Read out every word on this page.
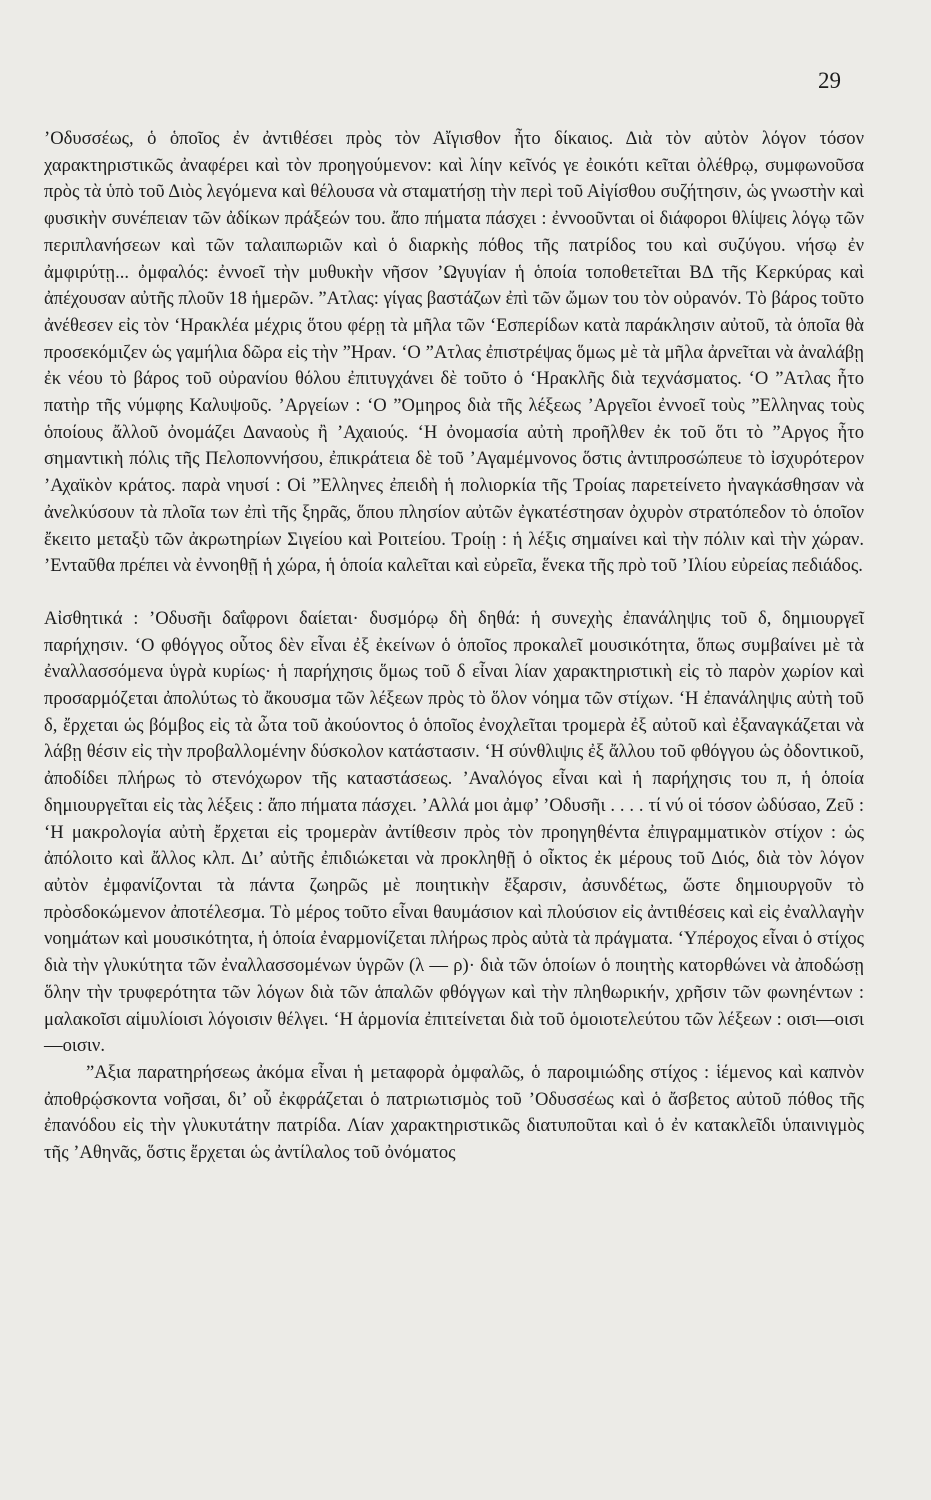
29

’Οδυσσέως, ὁ ὁποῖος ἐν ἀντιθέσει πρὸς τὸν Αἴγισθον ἦτο δίκαιος. Διὰ τὸν αὐτὸν λόγον τόσον χαρακτηριστικῶς ἀναφέρει καὶ τὸν προηγούμενον: καὶ λίην κεῖνός γε ἐοικότι κεῖται ὀλέθρῳ, συμφωνοῦσα πρὸς τὰ ὑπὸ τοῦ Διὸς λεγόμενα καὶ θέλουσα νὰ σταματήσῃ τὴν περὶ τοῦ Αἰγίσθου συζήτησιν, ὡς γνωστὴν καὶ φυσικὴν συνέπειαν τῶν ἀδίκων πράξεών του. ἄπο πήματα πάσχει : ἐννοοῦνται οἱ διάφοροι θλίψεις λόγῳ τῶν περιπλανήσεων καὶ τῶν ταλαιπωριῶν καὶ ὁ διαρκὴς πόθος τῆς πατρίδος του καὶ συζύγου. νήσῳ ἐν ἀμφιρύτῃ... ὀμφαλός: ἐννοεῖ τὴν μυθυκὴν νῆσον ’Ωγυγίαν ἡ ὁποία τοποθετεῖται ΒΔ τῆς Κερκύρας καὶ ἀπέχουσαν αὐτῆς πλοῦν 18 ἡμερῶν. ”Ατλας: γίγας βαστάζων ἐπὶ τῶν ὤμων του τὸν οὐρανόν. Τὸ βάρος τοῦτο ἀνέθεσεν εἰς τὸν ‘Ηρακλέα μέχρις ὅτου φέρῃ τὰ μῆλα τῶν ‘Εσπερίδων κατὰ παράκλησιν αὐτοῦ, τὰ ὁποῖα θὰ προσεκόμιζεν ὡς γαμήλια δῶρα εἰς τὴν ”Ηραν. ‘Ο ”Ατλας ἐπιστρέψας ὅμως μὲ τὰ μῆλα ἀρνεῖται νὰ ἀναλάβῃ ἐκ νέου τὸ βάρος τοῦ οὐρανίου θόλου ἐπιτυγχάνει δὲ τοῦτο ὁ ‘Ηρακλῆς διὰ τεχνάσματος. ‘Ο ”Ατλας ἦτο πατὴρ τῆς νύμφης Καλυψοῦς. ’Αργείων : ‘Ο ”Ομηρος διὰ τῆς λέξεως ’Αργεῖοι ἐννοεῖ τοὺς ”Ελληνας τοὺς ὁποίους ἄλλοῦ ὀνομάζει Δαναοὺς ἢ ’Αχαιούς. ‘Η ὀνομασία αὐτὴ προῆλθεν ἐκ τοῦ ὅτι τὸ ”Αργος ἦτο σημαντικὴ πόλις τῆς Πελοποννήσου, ἐπικράτεια δὲ τοῦ ’Αγαμέμνονος ὅστις ἀντιπροσώπευε τὸ ἰσχυρότερον ’Αχαϊκὸν κράτος. παρὰ νηυσί : Οἱ ”Ελληνες ἐπειδὴ ἡ πολιορκία τῆς Τροίας παρετείνετο ἠναγκάσθησαν νὰ ἀνελκύσουν τὰ πλοῖα των ἐπὶ τῆς ξηρᾶς, ὅπου πλησίον αὐτῶν ἐγκατέστησαν ὀχυρὸν στρατόπεδον τὸ ὁποῖον ἔκειτο μεταξὺ τῶν ἀκρωτηρίων Σιγείου καὶ Ροιτείου. Τροίῃ : ἡ λέξις σημαίνει καὶ τὴν πόλιν καὶ τὴν χώραν. ’Ενταῦθα πρέπει νὰ ἐννοηθῇ ἡ χώρα, ἡ ὁποία καλεῖται καὶ εὐρεῖα, ἕνεκα τῆς πρὸ τοῦ ’Ιλίου εὐρείας πεδιάδος.

Αἰσθητικά : ’Οδυσῆι δαΐφρονι δαίεται· δυσμόρῳ δὴ δηθά: ἡ συνεχὴς ἐπανάληψις τοῦ δ, δημιουργεῖ παρήχησιν. ‘Ο φθόγγος οὗτος δὲν εἶναι ἐξ ἐκείνων ὁ ὁποῖος προκαλεῖ μουσικότητα, ὅπως συμβαίνει μὲ τὰ ἐναλλασσόμενα ὑγρὰ κυρίως· ἡ παρήχησις ὅμως τοῦ δ εἶναι λίαν χαρακτηριστικὴ εἰς τὸ παρὸν χωρίον καὶ προσαρμόζεται ἀπολύτως τὸ ἄκουσμα τῶν λέξεων πρὸς τὸ ὅλον νόημα τῶν στίχων. ‘Η ἐπανάληψις αὐτὴ τοῦ δ, ἔρχεται ὡς βόμβος εἰς τὰ ὦτα τοῦ ἀκούοντος ὁ ὁποῖος ἐνοχλεῖται τρομερὰ ἐξ αὐτοῦ καὶ ἐξαναγκάζεται νὰ λάβῃ θέσιν εἰς τὴν προβαλλομένην δύσκολον κατάστασιν. ‘Η σύνθλιψις ἐξ ἄλλου τοῦ φθόγγου ὡς ὀδοντικοῦ, ἀποδίδει πλήρως τὸ στενόχωρον τῆς καταστάσεως. ’Αναλόγος εἶναι καὶ ἡ παρήχησις του π, ἡ ὁποία δημιουργεῖται εἰς τὰς λέξεις : ἄπο πήματα πάσχει. ’Αλλά μοι ἀμφ’ ’Οδυσῆι . . . . τί νύ οἱ τόσον ὠδύσαο, Ζεῦ : ‘Η μακρολογία αὐτὴ ἔρχεται εἰς τρομερὰν ἀντίθεσιν πρὸς τὸν προηγηθέντα ἐπιγραμματικὸν στίχον : ὡς ἀπόλοιτο καὶ ἄλλος κλπ. Δι’ αὐτῆς ἐπιδιώκεται νὰ προκληθῇ ὁ οἶκτος ἐκ μέρους τοῦ Διός, διὰ τὸν λόγον αὐτὸν ἐμφανίζονται τὰ πάντα ζωηρῶς μὲ ποιητικὴν ἔξαρσιν, ἀσυνδέτως, ὥστε δημιουργοῦν τὸ πρὸσδοκώμενον ἀποτέλεσμα. Τὸ μέρος τοῦτο εἶναι θαυμάσιον καὶ πλούσιον εἰς ἀντιθέσεις καὶ εἰς ἐναλλαγὴν νοημάτων καὶ μουσικότητα, ἡ ὁποία ἐναρμονίζεται πλήρως πρὸς αὐτὰ τὰ πράγματα. ‘Υπέροχος εἶναι ὁ στίχος διὰ τὴν γλυκύτητα τῶν ἐναλλασσομένων ὑγρῶν (λ — ρ)· διὰ τῶν ὁποίων ὁ ποιητὴς κατορθώνει νὰ ἀποδώσῃ ὅλην τὴν τρυφερότητα τῶν λόγων διὰ τῶν ἁπαλῶν φθόγγων καὶ τὴν πληθωρικήν, χρῆσιν τῶν φωνηέντων : μαλακοῖσι αἱμυλίοισι λόγοισιν θέλγει. ‘Η ἁρμονία ἐπιτείνεται διὰ τοῦ ὁμοιοτελεύτου τῶν λέξεων : οισι—οισι—οισιν.

”Αξια παρατηρήσεως ἀκόμα εἶναι ἡ μεταφορὰ ὀμφαλῶς, ὁ παροιμιώδης στίχος : ἱέμενος καὶ καπνὸν ἀποθρῴσκοντα νοῆσαι, δι’ οὗ ἐκφράζεται ὁ πατριωτισμὸς τοῦ ’Οδυσσέως καὶ ὁ ἄσβετος αὐτοῦ πόθος τῆς ἐπανόδου εἰς τὴν γλυκυτάτην πατρίδα. Λίαν χαρακτηριστικῶς διατυποῦται καὶ ὁ ἐν κατακλεῖδι ὑπαινιγμὸς τῆς ’Αθηνᾶς, ὅστις ἔρχεται ὡς ἀντίλαλος τοῦ ὀνόματος
